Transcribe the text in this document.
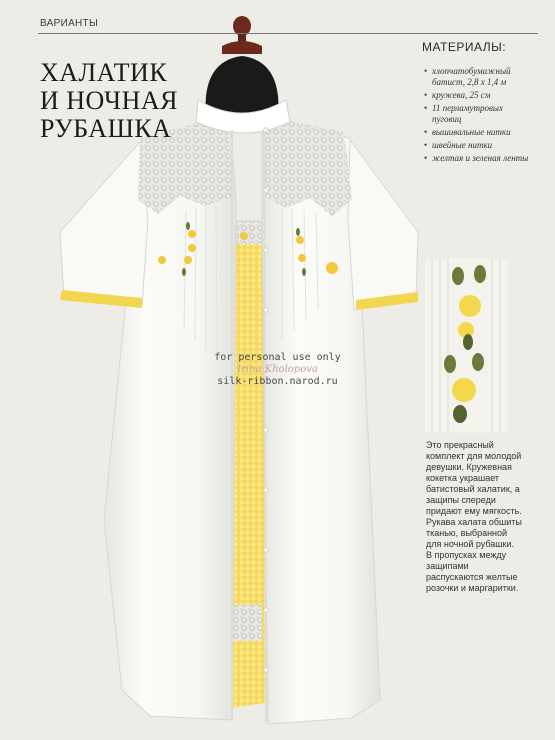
ВАРИАНТЫ
ХАЛАТИК
И НОЧНАЯ
РУБАШКА
МАТЕРИАЛЫ:
• хлопчатобумажный батист, 2,8 х 1,4 м
• кружева, 25 см
• 11 перламутровых пуговиц
• вышивальные нитки
• швейные нитки
• желтая и зеленая ленты

Это прекрасный комплект для молодой девушки. Кружевная кокетка украшает батистовый халатик, а защипы спереди придают ему мягкость. Рукава халата обшиты тканью, выбранной для ночной рубашки. В пропусках между защипами распускаются желтые розочки и маргаритки.

for personal use only
Irina Kholopova
silk-ribbon.narod.ru
